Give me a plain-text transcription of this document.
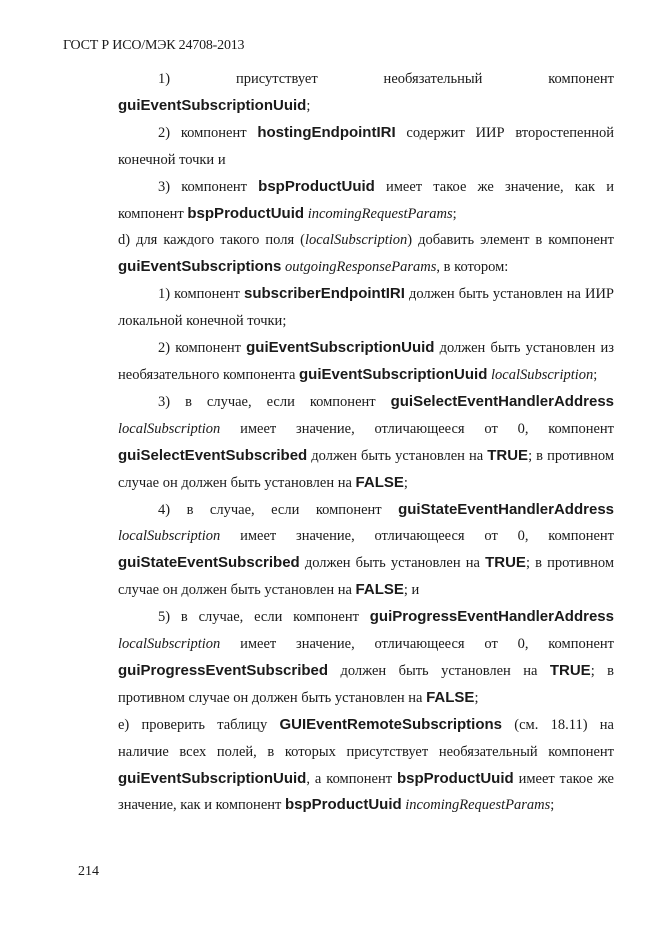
ГОСТ Р ИСО/МЭК 24708-2013

1) присутствует необязательный компонент guiEventSubscriptionUuid;

2) компонент hostingEndpointIRI содержит ИИР второстепенной конечной точки и

3) компонент bspProductUuid имеет такое же значение, как и компонент bspProductUuid incomingRequestParams;

d) для каждого такого поля (localSubscription) добавить элемент в компонент guiEventSubscriptions outgoingResponseParams, в котором:

1) компонент subscriberEndpointIRI должен быть установлен на ИИР локальной конечной точки;

2) компонент guiEventSubscriptionUuid должен быть установлен из необязательного компонента guiEventSubscriptionUuid localSubscription;

3) в случае, если компонент guiSelectEventHandlerAddress localSubscription имеет значение, отличающееся от 0, компонент guiSelectEventSubscribed должен быть установлен на TRUE; в противном случае он должен быть установлен на FALSE;

4) в случае, если компонент guiStateEventHandlerAddress localSubscription имеет значение, отличающееся от 0, компонент guiStateEventSubscribed должен быть установлен на TRUE; в противном случае он должен быть установлен на FALSE; и

5) в случае, если компонент guiProgressEventHandlerAddress localSubscription имеет значение, отличающееся от 0, компонент guiProgressEventSubscribed должен быть установлен на TRUE; в противном случае он должен быть установлен на FALSE;

e) проверить таблицу GUIEventRemoteSubscriptions (см. 18.11) на наличие всех полей, в которых присутствует необязательный компонент guiEventSubscriptionUuid, а компонент bspProductUuid имеет такое же значение, как и компонент bspProductUuid incomingRequestParams;

214
